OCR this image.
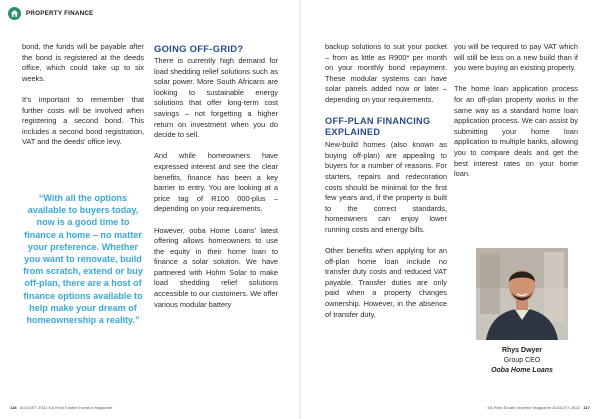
PROPERTY FINANCE

bond, the funds will be payable after the bond is registered at the deeds office, which could take up to six weeks.

It’s important to remember that further costs will be involved when registering a second bond. This includes a second bond registration, VAT and the deeds’ office levy.

“With all the options available to buyers today, now is a good time to finance a home – no matter your preference. Whether you want to renovate, build from scratch, extend or buy off-plan, there are a host of finance options available to help make your dream of homeownership a reality.”
GOING OFF-GRID?

There is currently high demand for load shedding relief solutions such as solar power. More South Africans are looking to sustainable energy solutions that offer long-term cost savings – not forgetting a higher return on investment when you do decide to sell.

And while homeowners have expressed interest and see the clear benefits, finance has been a key barrier to entry. You are looking at a price tag of R100 000-plus – depending on your requirements.

However, ooba Home Loans’ latest offering allows homeowners to use the equity in their home loan to finance a solar solution. We have partnered with Hohm Solar to make load shedding relief solutions accessible to our customers. We offer various modular battery

116 AUGUST 2022 SA Real Estate Investor Magazine

backup solutions to suit your pocket – from as little as R900* per month on your monthly bond repayment. These modular systems can have solar panels added now or later – depending on your requirements.

OFF-PLAN FINANCING EXPLAINED

New-build homes (also known as buying off-plan) are appealing to buyers for a number of reasons. For starters, repairs and redecoration costs should be minimal for the first few years and, if the property is built to the correct standards, homeowners can enjoy lower running costs and energy bills.

Other benefits when applying for an off-plan home loan include no transfer duty costs and reduced VAT payable. Transfer duties are only paid when a property changes ownership. However, in the absence of transfer duty,

you will be required to pay VAT which will still be less on a new build than if you were buying an existing property.

The home loan application process for an off-plan property works in the same way as a standard home loan application process. We can assist by submitting your home loan application to multiple banks, allowing you to compare deals and get the best interest rates on your home loan.

Rhys Dwyer
Group CEO
Ooba Home Loans
SA Real Estate Investor Magazine AUGUST 2022 117
